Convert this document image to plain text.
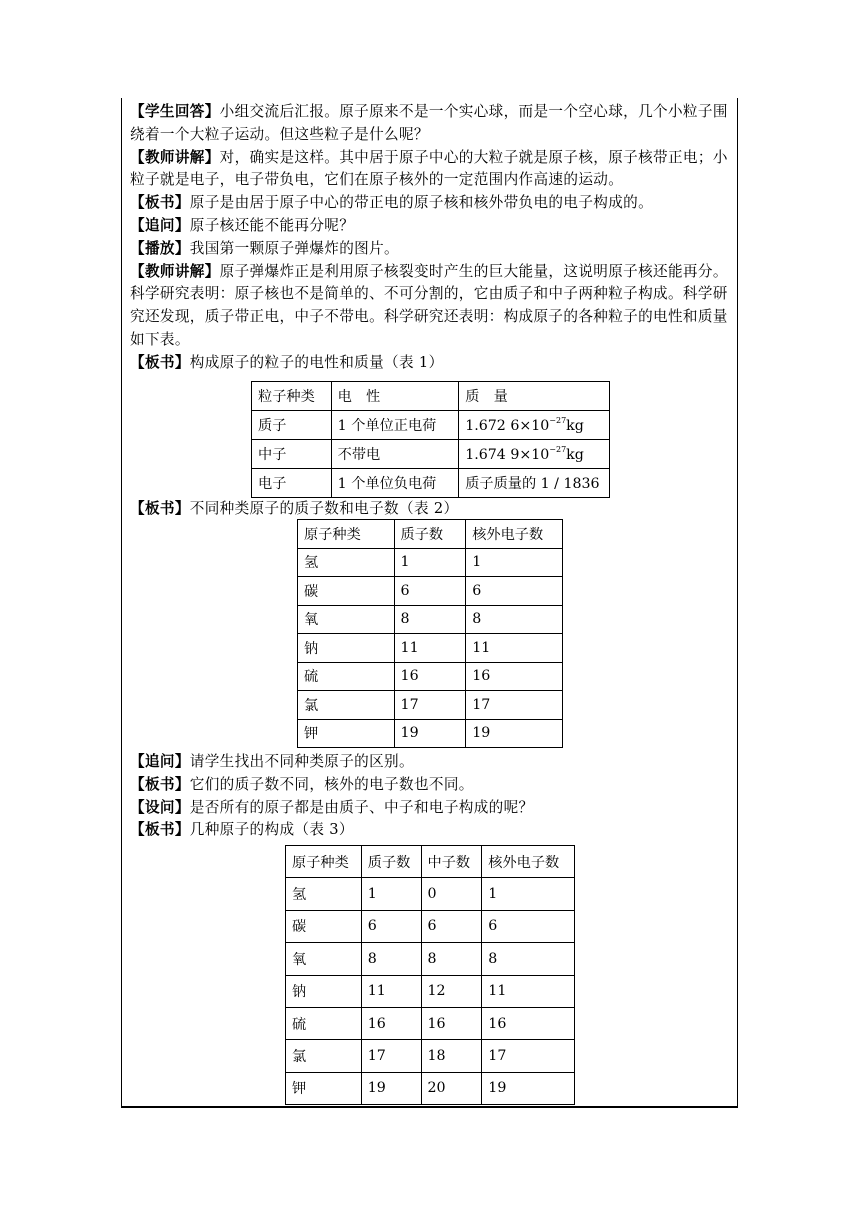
【学生回答】小组交流后汇报。原子原来不是一个实心球，而是一个空心球，几个小粒子围绕着一个大粒子运动。但这些粒子是什么呢？

【教师讲解】对，确实是这样。其中居于原子中心的大粒子就是原子核，原子核带正电；小粒子就是电子，电子带负电，它们在原子核外的一定范围内作高速的运动。

【板书】原子是由居于原子中心的带正电的原子核和核外带负电的电子构成的。

【追问】原子核还能不能再分呢？

【播放】我国第一颗原子弹爆炸的图片。

【教师讲解】原子弹爆炸正是利用原子核裂变时产生的巨大能量，这说明原子核还能再分。科学研究表明：原子核也不是简单的、不可分割的，它由质子和中子两种粒子构成。科学研究还发现，质子带正电，中子不带电。科学研究还表明：构成原子的各种粒子的电性和质量如下表。

【板书】构成原子的粒子的电性和质量（表 1）

粒子种类	电　性	质　量
质子	1 个单位正电荷	1.672 $6\times 10^{-27}kg$
中子	不带电	1.674 $9\times 10^{-27}kg$
电子	1 个单位负电荷	质子质量的 1 / 1836

【板书】不同种类原子的质子数和电子数（表 2）

原子种类	质子数	核外电子数
氢	1	1
碳	6	6
氧	8	8
钠	11	11
硫	16	16
氯	17	17
钾	19	19

【追问】请学生找出不同种类原子的区别。

【板书】它们的质子数不同，核外的电子数也不同。

【设问】是否所有的原子都是由质子、中子和电子构成的呢？

【板书】几种原子的构成（表 3）

原子种类	质子数	中子数	核外电子数
氢	1	0	1
碳	6	6	6
氧	8	8	8
钠	11	12	11
硫	16	16	16
氯	17	18	17
钾	19	20	19
